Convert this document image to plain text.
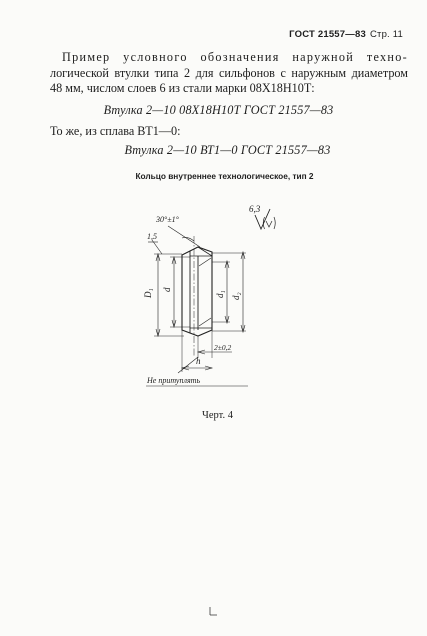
ГОСТ 21557—83 Стр. 11
Пример условного обозначения наружной техно-
логической втулки типа 2 для сильфонов с наружным диаметром
48 мм, числом слоев 6 из стали марки 08Х18Н10Т:
Втулка 2—10 08Х18Н10Т ГОСТ 21557—83
То же, из сплава ВТ1—0:
Втулка 2—10 ВТ1—0 ГОСТ 21557—83
Кольцо внутреннее технологическое, тип 2
6,3
30°±1°
1,5
D₁ d
d₁ d₂
2±0,2
h
Не притуплять
Черт. 4
